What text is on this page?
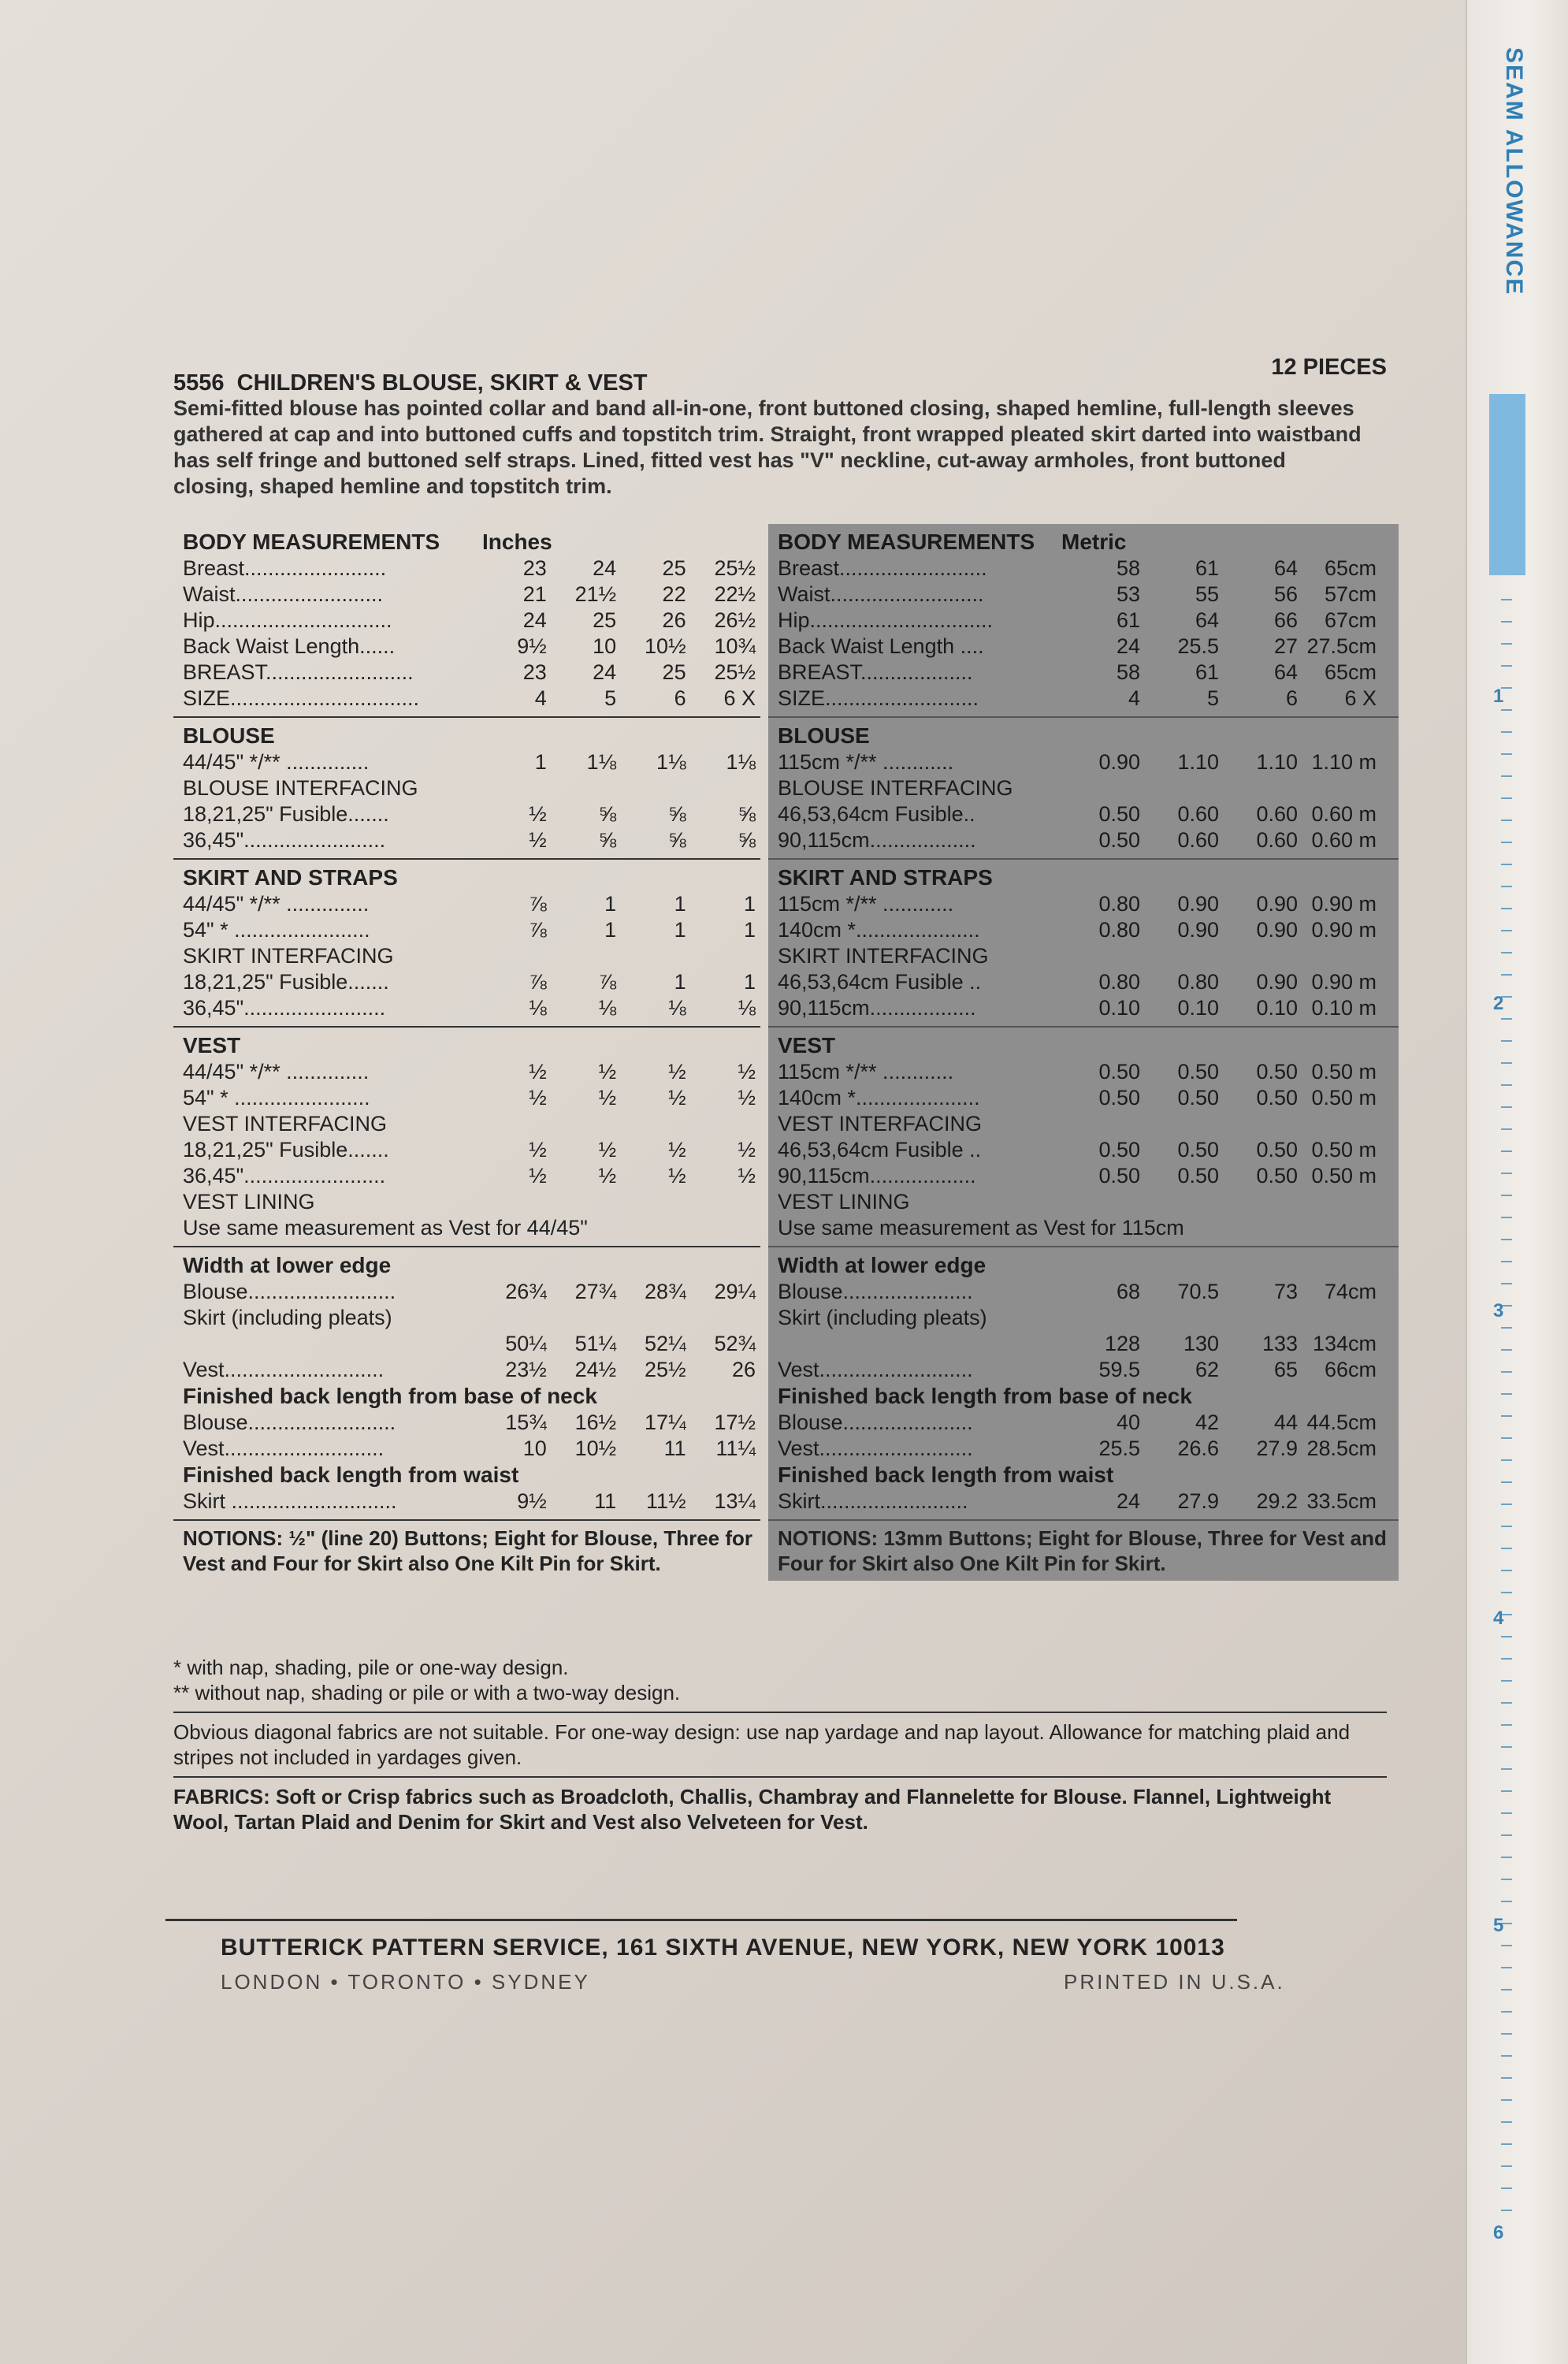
SEAM ALLOWANCE
1
2
3
4
5
6
5556 CHILDREN'S BLOUSE, SKIRT & VEST
12 PIECES
Semi-fitted blouse has pointed collar and band all-in-one, front buttoned closing, shaped hemline, full-length sleeves gathered at cap and into buttoned cuffs and topstitch trim. Straight, front wrapped pleated skirt darted into waistband has self fringe and buttoned self straps. Lined, fitted vest has "V" neckline, cut-away armholes, front buttoned closing, shaped hemline and topstitch trim.
BODY MEASUREMENTS	Inches
Breast........................	23	24	25	25½
Waist.........................	21	21½	22	22½
Hip..............................	24	25	26	26½
Back Waist Length......	9½	10	10½	10¾
BREAST.........................	23	24	25	25½
SIZE................................	4	5	6	6 X
BLOUSE
44/45" */** ..............	1	1⅛	1⅛	1⅛
BLOUSE INTERFACING
18,21,25" Fusible.......	½	⅝	⅝	⅝
36,45"........................	½	⅝	⅝	⅝
SKIRT AND STRAPS
44/45" */** ..............	⅞	1	1	1
54" * .......................	⅞	1	1	1
SKIRT INTERFACING
18,21,25" Fusible.......	⅞	⅞	1	1
36,45"........................	⅛	⅛	⅛	⅛
VEST
44/45" */** ..............	½	½	½	½
54" * .......................	½	½	½	½
VEST INTERFACING
18,21,25" Fusible.......	½	½	½	½
36,45"........................	½	½	½	½
VEST LINING
Use same measurement as Vest for 44/45"
Width at lower edge
Blouse.........................	26¾	27¾	28¾	29¼
Skirt (including pleats)
50¼	51¼	52¼	52¾
Vest...........................	23½	24½	25½	26
Finished back length from base of neck
Blouse.........................	15¾	16½	17¼	17½
Vest...........................	10	10½	11	11¼
Finished back length from waist
Skirt ............................	9½	11	11½	13¼
NOTIONS: ½" (line 20) Buttons; Eight for Blouse, Three for Vest and Four for Skirt also One Kilt Pin for Skirt.
BODY MEASUREMENTS	Metric
Breast.........................	58	61	64	65cm
Waist..........................	53	55	56	57cm
Hip...............................	61	64	66	67cm
Back Waist Length ....	24	25.5	27 27.5cm
BREAST...................	58	61	64	65cm
SIZE..........................	4	5	6	6 X
BLOUSE
115cm */** ............	0.90	1.10	1.10 1.10 m
BLOUSE INTERFACING
46,53,64cm Fusible..	0.50	0.60	0.60 0.60 m
90,115cm..................	0.50	0.60	0.60 0.60 m
SKIRT AND STRAPS
115cm */** ............	0.80	0.90	0.90 0.90 m
140cm *.....................	0.80	0.90	0.90 0.90 m
SKIRT INTERFACING
46,53,64cm Fusible ..	0.80	0.80	0.90 0.90 m
90,115cm..................	0.10	0.10	0.10 0.10 m
VEST
115cm */** ............	0.50	0.50	0.50 0.50 m
140cm *.....................	0.50	0.50	0.50 0.50 m
VEST INTERFACING
46,53,64cm Fusible ..	0.50	0.50	0.50 0.50 m
90,115cm..................	0.50	0.50	0.50 0.50 m
VEST LINING
Use same measurement as Vest for 115cm
Width at lower edge
Blouse......................	68	70.5	73	74cm
Skirt (including pleats)
128	130	133 134cm
Vest..........................	59.5	62	65	66cm
Finished back length from base of neck
Blouse......................	40	42	44 44.5cm
Vest..........................	25.5	26.6	27.9 28.5cm
Finished back length from waist
Skirt.........................	24	27.9	29.2 33.5cm
NOTIONS: 13mm Buttons; Eight for Blouse, Three for Vest and Four for Skirt also One Kilt Pin for Skirt.
* with nap, shading, pile or one-way design.
** without nap, shading or pile or with a two-way design.
Obvious diagonal fabrics are not suitable. For one-way design: use nap yardage and nap layout. Allowance for matching plaid and stripes not included in yardages given.
FABRICS: Soft or Crisp fabrics such as Broadcloth, Challis, Chambray and Flannelette for Blouse. Flannel, Lightweight Wool, Tartan Plaid and Denim for Skirt and Vest also Velveteen for Vest.
BUTTERICK PATTERN SERVICE, 161 SIXTH AVENUE, NEW YORK, NEW YORK 10013
LONDON • TORONTO • SYDNEY	PRINTED IN U.S.A.
